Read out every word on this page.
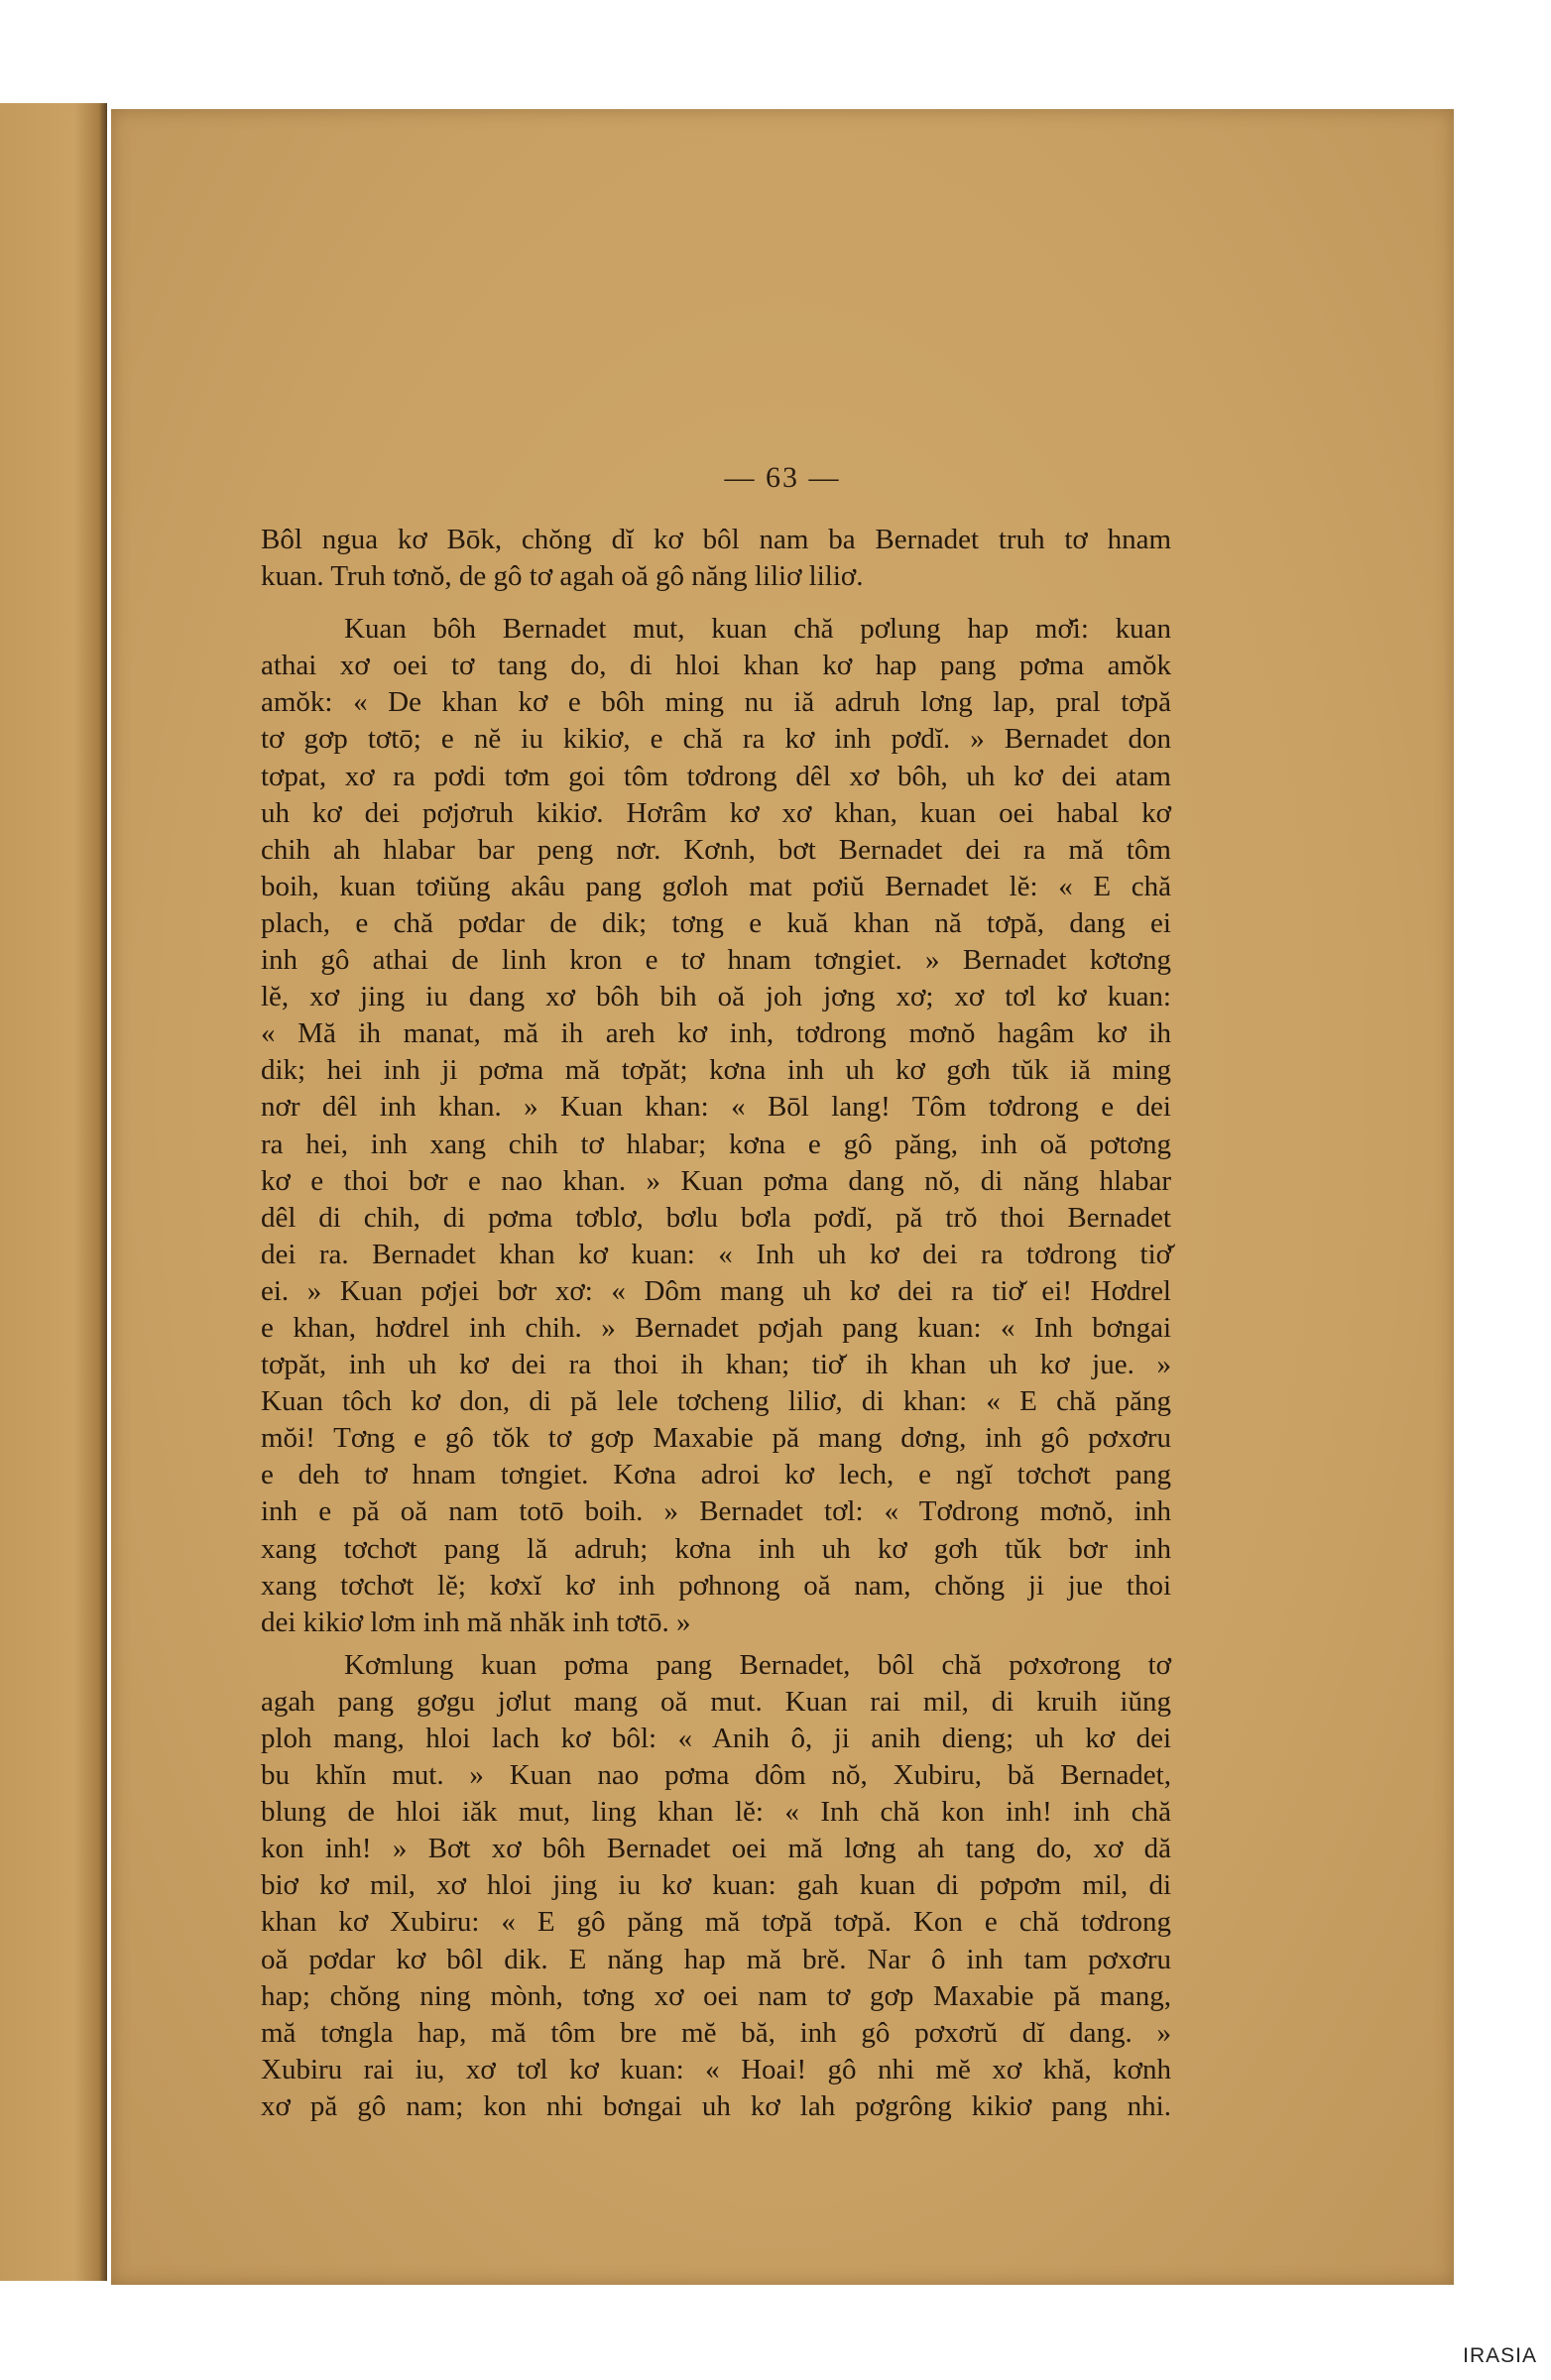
— 63 —
Bôl ngua kơ Bōk, chŏng dĭ kơ bôl nam ba Bernadet truh tơ hnam
kuan. Truh tơnŏ, de gô tơ agah oă gô năng liliơ liliơ.
Kuan bôh Bernadet mut, kuan chă pơlung hap mơ̆i: kuan
athai xơ oei tơ tang do, di hloi khan kơ hap pang pơma amŏk
amŏk: « De khan kơ e bôh ming nu iă adruh lơng lap, pral tơpă
tơ gơp tơtō; e nĕ iu kikiơ, e chă ra kơ inh pơdĭ. » Bernadet don
tơpat, xơ ra pơdi tơm goi tôm tơdrong dêl xơ bôh, uh kơ dei atam
uh kơ dei pơjơruh kikiơ. Hơrâm kơ xơ khan, kuan oei habal kơ
chih ah hlabar bar peng nơr. Kơnh, bơt Bernadet dei ra mă tôm
boih, kuan tơiŭng akâu pang gơloh mat pơiŭ Bernadet lĕ: « E chă
plach, e chă pơdar de dik; tơng e kuă khan nă tơpă, dang ei
inh gô athai de linh kron e tơ hnam tơngiet. » Bernadet kơtơng
lĕ, xơ jing iu dang xơ bôh bih oă joh jơng xơ; xơ tơl kơ kuan:
« Mă ih manat, mă ih areh kơ inh, tơdrong mơnŏ hagâm kơ ih
dik; hei inh ji pơma mă tơpăt; kơna inh uh kơ gơh tŭk iă ming
nơr dêl inh khan. » Kuan khan: « Bōl lang! Tôm tơdrong e dei
ra hei, inh xang chih tơ hlabar; kơna e gô păng, inh oă pơtơng
kơ e thoi bơr e nao khan. » Kuan pơma dang nŏ, di năng hlabar
dêl di chih, di pơma tơblơ, bơlu bơla pơdĭ, pă trŏ thoi Bernadet
dei ra. Bernadet khan kơ kuan: « Inh uh kơ dei ra tơdrong tiơ̆
ei. » Kuan pơjei bơr xơ: « Dôm mang uh kơ dei ra tiơ̆ ei! Hơdrel
e khan, hơdrel inh chih. » Bernadet pơjah pang kuan: « Inh bơngai
tơpăt, inh uh kơ dei ra thoi ih khan; tiơ̆ ih khan uh kơ jue. »
Kuan tôch kơ don, di pă lele tơcheng liliơ, di khan: « E chă păng
mŏi! Tơng e gô tŏk tơ gơp Maxabie pă mang dơng, inh gô pơxơru
e deh tơ hnam tơngiet. Kơna adroi kơ lech, e ngĭ tơchơt pang
inh e pă oă nam totō boih. » Bernadet tơl: « Tơdrong mơnŏ, inh
xang tơchơt pang lă adruh; kơna inh uh kơ gơh tŭk bơr inh
xang tơchơt lĕ; kơxĭ kơ inh pơhnong oă nam, chŏng ji jue thoi
dei kikiơ lơm inh mă nhăk inh tơtō. »
Kơmlung kuan pơma pang Bernadet, bôl chă pơxơrong tơ
agah pang gơgu jơlut mang oă mut. Kuan rai mil, di kruih iŭng
ploh mang, hloi lach kơ bôl: « Anih ô, ji anih dieng; uh kơ dei
bu khĭn mut. » Kuan nao pơma dôm nŏ, Xubiru, bă Bernadet,
blung de hloi iăk mut, ling khan lĕ: « Inh chă kon inh! inh chă
kon inh! » Bơt xơ bôh Bernadet oei mă lơng ah tang do, xơ dă
biơ kơ mil, xơ hloi jing iu kơ kuan: gah kuan di pơpơm mil, di
khan kơ Xubiru: « E gô păng mă tơpă tơpă. Kon e chă tơdrong
oă pơdar kơ bôl dik. E năng hap mă brĕ. Nar ô inh tam pơxơru
hap; chŏng ning mònh, tơng xơ oei nam tơ gơp Maxabie pă mang,
mă tơngla hap, mă tôm bre mĕ bă, inh gô pơxơrŭ dĭ dang. »
Xubiru rai iu, xơ tơl kơ kuan: « Hoai! gô nhi mĕ xơ khă, kơnh
xơ pă gô nam; kon nhi bơngai uh kơ lah pơgrông kikiơ pang nhi.
IRASIA
